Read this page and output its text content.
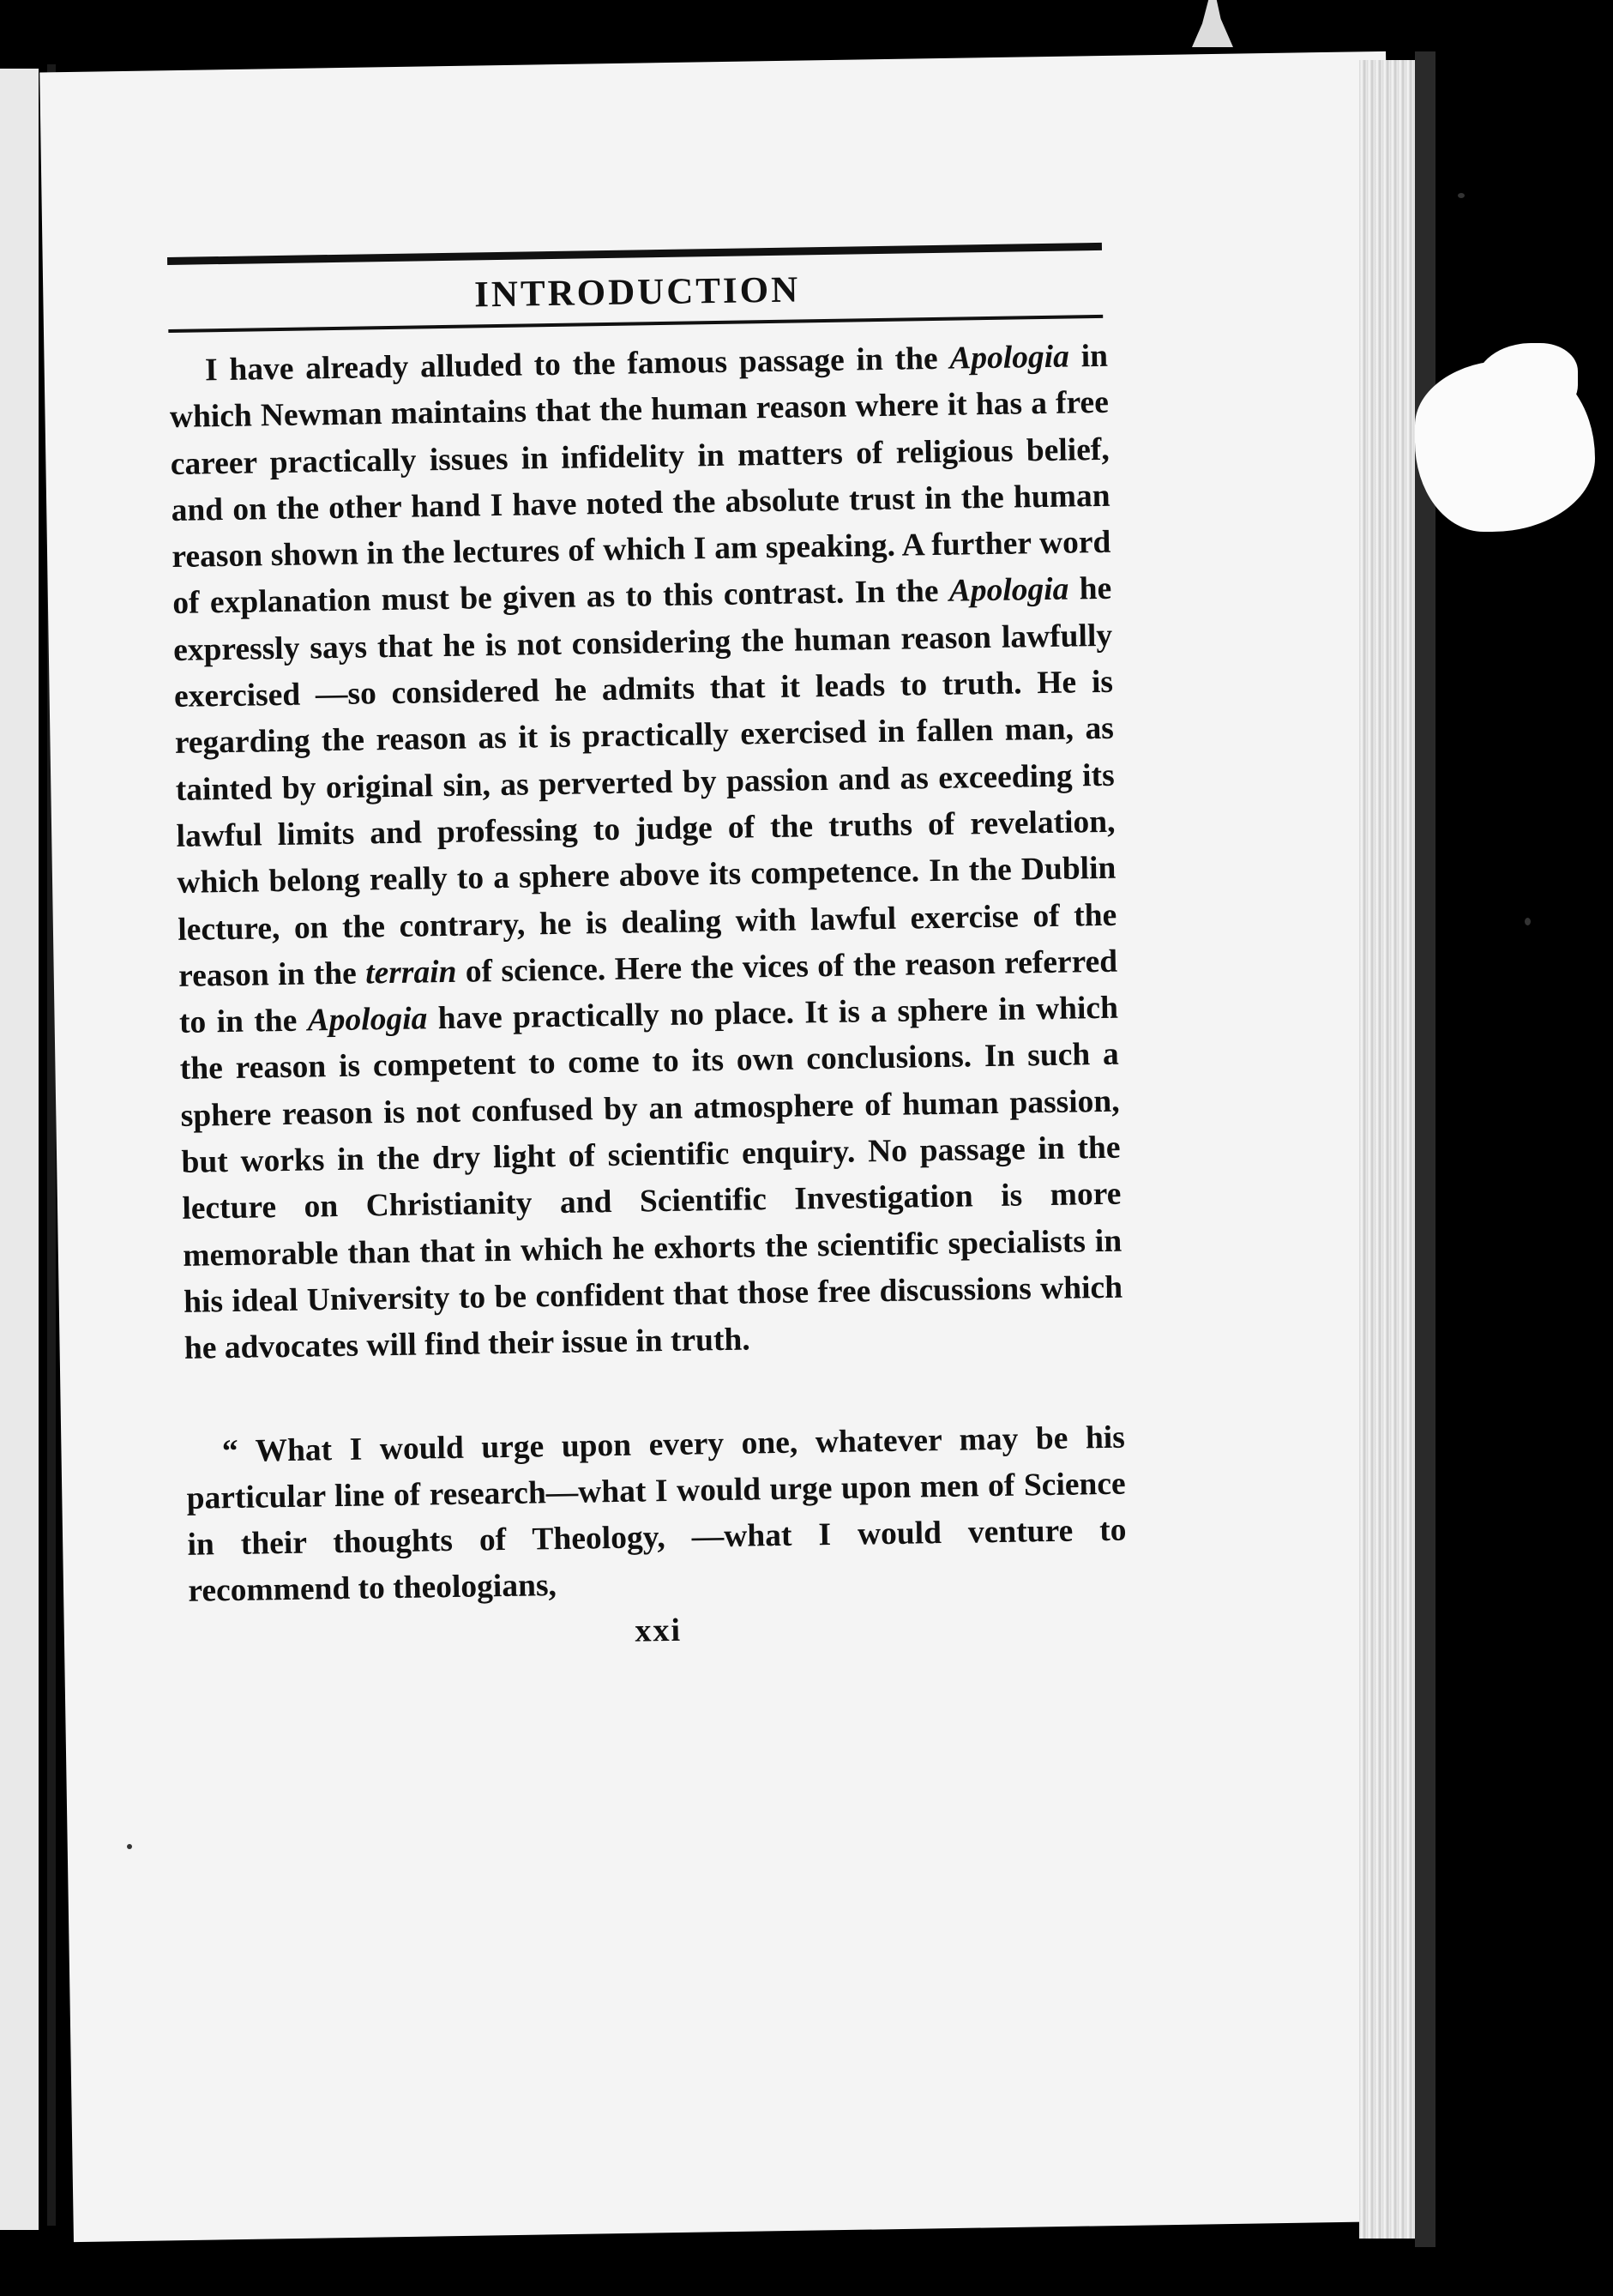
INTRODUCTION

I have already alluded to the famous passage in the Apologia in which Newman maintains that the human reason where it has a free career practically issues in infidelity in matters of religious belief, and on the other hand I have noted the absolute trust in the human reason shown in the lectures of which I am speaking. A further word of explanation must be given as to this contrast. In the Apologia he expressly says that he is not considering the human reason lawfully exercised —so considered he admits that it leads to truth. He is regarding the reason as it is practically exercised in fallen man, as tainted by original sin, as perverted by passion and as exceeding its lawful limits and professing to judge of the truths of revelation, which belong really to a sphere above its competence. In the Dublin lecture, on the contrary, he is dealing with lawful exercise of the reason in the terrain of science. Here the vices of the reason referred to in the Apologia have practically no place. It is a sphere in which the reason is competent to come to its own conclusions. In such a sphere reason is not confused by an atmosphere of human passion, but works in the dry light of scientific enquiry. No passage in the lecture on Christianity and Scientific Investigation is more memorable than that in which he exhorts the scientific specialists in his ideal University to be confident that those free discussions which he advocates will find their issue in truth.

“ What I would urge upon every one, whatever may be his particular line of research—what I would urge upon men of Science in their thoughts of Theology, —what I would venture to recommend to theologians,

xxi
